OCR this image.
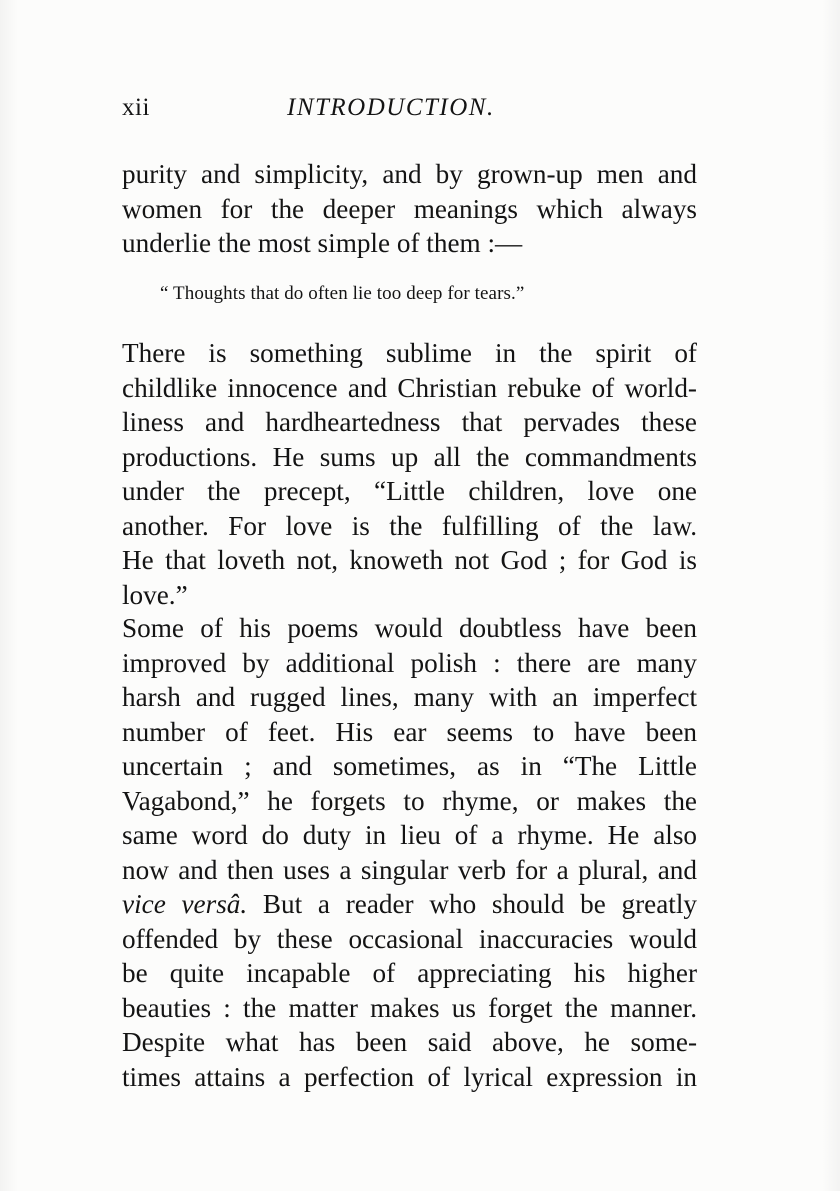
xii	INTRODUCTION.
purity and simplicity, and by grown-up men and
women for the deeper meanings which always
underlie the most simple of them :—
“ Thoughts that do often lie too deep for tears.”
There is something sublime in the spirit of
childlike innocence and Christian rebuke of world-
liness and hardheartedness that pervades these
productions. He sums up all the commandments
under the precept, “Little children, love one
another. For love is the fulfilling of the law.
He that loveth not, knoweth not God ; for God is
love.”
Some of his poems would doubtless have been
improved by additional polish : there are many
harsh and rugged lines, many with an imperfect
number of feet. His ear seems to have been
uncertain ; and sometimes, as in “The Little
Vagabond,” he forgets to rhyme, or makes the
same word do duty in lieu of a rhyme. He also
now and then uses a singular verb for a plural, and
vice versâ. But a reader who should be greatly
offended by these occasional inaccuracies would
be quite incapable of appreciating his higher
beauties : the matter makes us forget the manner.
Despite what has been said above, he some-
times attains a perfection of lyrical expression in
